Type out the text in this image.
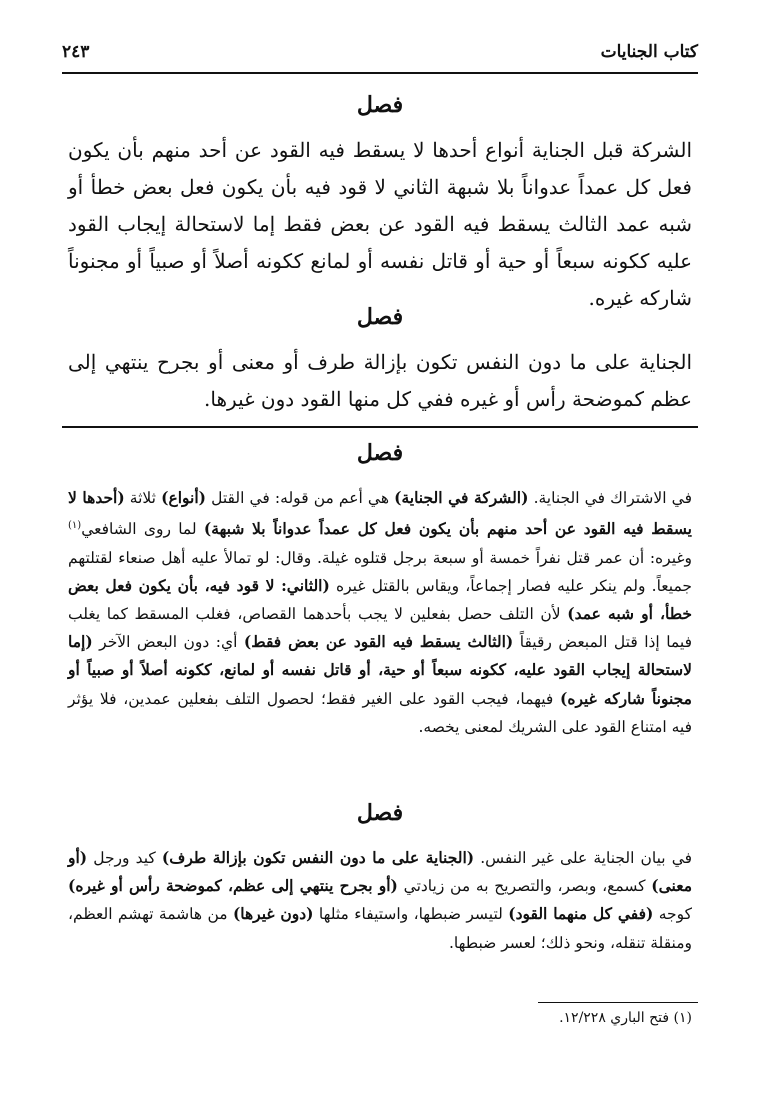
كتاب الجنايات
٢٤٣
فصل
الشركة قبل الجناية أنواع أحدها لا يسقط فيه القود عن أحد منهم بأن يكون فعل كل عمداً عدواناً بلا شبهة الثاني لا قود فيه بأن يكون فعل بعض خطأ أو شبه عمد الثالث يسقط فيه القود عن بعض فقط إما لاستحالة إيجاب القود عليه ككونه سبعاً أو حية أو قاتل نفسه أو لمانع ككونه أصلاً أو صبياً أو مجنوناً شاركه غيره.
فصل
الجناية على ما دون النفس تكون بإزالة طرف أو معنى أو بجرح ينتهي إلى عظم كموضحة رأس أو غيره ففي كل منها القود دون غيرها.
فصل
في الاشتراك في الجناية. (الشركة في الجناية) هي أعم من قوله: في القتل (أنواع) ثلاثة (أحدها لا يسقط فيه القود عن أحد منهم بأن يكون فعل كل عمداً عدواناً بلا شبهة) لما روى الشافعي$^{(١)}$ وغيره: أن عمر قتل نفراً خمسة أو سبعة برجل قتلوه غيلة. وقال: لو تمالأ عليه أهل صنعاء لقتلتهم جميعاً. ولم ينكر عليه فصار إجماعاً، ويقاس بالقتل غيره (الثاني: لا قود فيه، بأن يكون فعل بعض خطأ، أو شبه عمد) لأن التلف حصل بفعلين لا يجب بأحدهما القصاص، فغلب المسقط كما يغلب فيما إذا قتل المبعض رقيقاً (الثالث يسقط فيه القود عن بعض فقط) أي: دون البعض الآخر (إما لاستحالة إيجاب القود عليه، ككونه سبعاً أو حية، أو قاتل نفسه أو لمانع، ككونه أصلاً أو صبياً أو مجنوناً شاركه غيره) فيهما، فيجب القود على الغير فقط؛ لحصول التلف بفعلين عمدين، فلا يؤثر فيه امتناع القود على الشريك لمعنى يخصه.
فصل
في بيان الجناية على غير النفس. (الجناية على ما دون النفس تكون بإزالة طرف) كيد ورجل (أو معنى) كسمع، وبصر، والتصريح به من زيادتي (أو بجرح ينتهي إلى عظم، كموضحة رأس أو غيره) كوجه (ففي كل منهما القود) لتيسر ضبطها، واستيفاء مثلها (دون غيرها) من هاشمة تهشم العظم، ومنقلة تنقله، ونحو ذلك؛ لعسر ضبطها.
(١) فتح الباري ١٢/٢٢٨.
